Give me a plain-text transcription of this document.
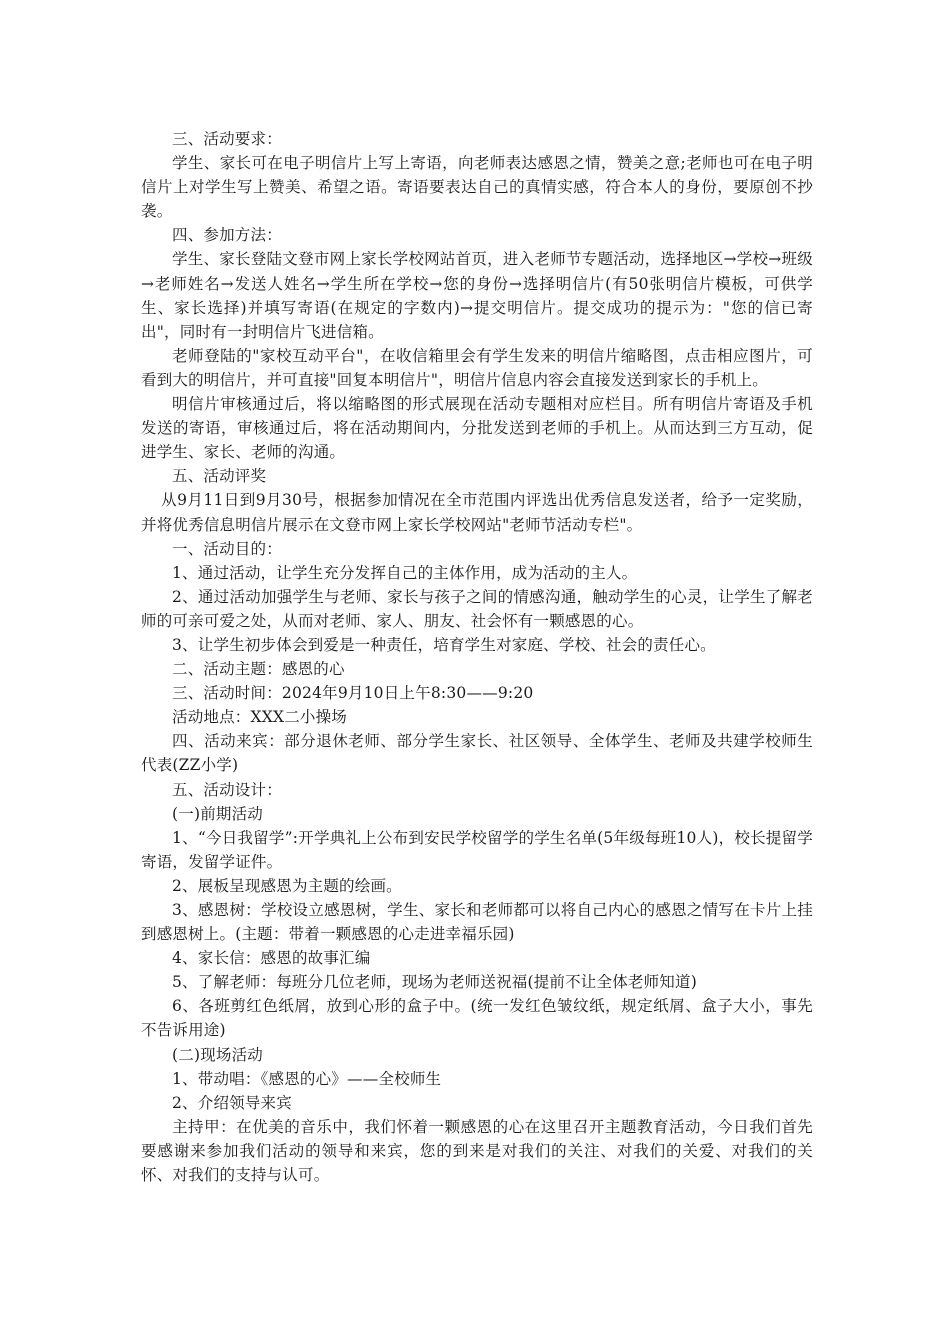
三、活动要求：

学生、家长可在电子明信片上写上寄语，向老师表达感恩之情，赞美之意;老师也可在电子明信片上对学生写上赞美、希望之语。寄语要表达自己的真情实感，符合本人的身份，要原创不抄袭。

四、参加方法：

学生、家长登陆文登市网上家长学校网站首页，进入老师节专题活动，选择地区→学校→班级→老师姓名→发送人姓名→学生所在学校→您的身份→选择明信片(有50张明信片模板，可供学生、家长选择)并填写寄语(在规定的字数内)→提交明信片。提交成功的提示为："您的信已寄出"，同时有一封明信片飞进信箱。

老师登陆的"家校互动平台"，在收信箱里会有学生发来的明信片缩略图，点击相应图片，可看到大的明信片，并可直接"回复本明信片"，明信片信息内容会直接发送到家长的手机上。

明信片审核通过后，将以缩略图的形式展现在活动专题相对应栏目。所有明信片寄语及手机发送的寄语，审核通过后，将在活动期间内，分批发送到老师的手机上。从而达到三方互动，促进学生、家长、老师的沟通。

五、活动评奖

从9月11日到9月30号，根据参加情况在全市范围内评选出优秀信息发送者，给予一定奖励，并将优秀信息明信片展示在文登市网上家长学校网站"老师节活动专栏"。

一、活动目的：

1、通过活动，让学生充分发挥自己的主体作用，成为活动的主人。

2、通过活动加强学生与老师、家长与孩子之间的情感沟通，触动学生的心灵，让学生了解老师的可亲可爱之处，从而对老师、家人、朋友、社会怀有一颗感恩的心。

3、让学生初步体会到爱是一种责任，培育学生对家庭、学校、社会的责任心。

二、活动主题：感恩的心

三、活动时间：2024年9月10日上午8:30——9:20

活动地点：XXX二小操场

四、活动来宾：部分退休老师、部分学生家长、社区领导、全体学生、老师及共建学校师生代表(ZZ小学)

五、活动设计：

(一)前期活动

1、“今日我留学”:开学典礼上公布到安民学校留学的学生名单(5年级每班10人)，校长提留学寄语，发留学证件。

2、展板呈现感恩为主题的绘画。

3、感恩树：学校设立感恩树，学生、家长和老师都可以将自己内心的感恩之情写在卡片上挂到感恩树上。(主题：带着一颗感恩的心走进幸福乐园)

4、家长信：感恩的故事汇编

5、了解老师：每班分几位老师，现场为老师送祝福(提前不让全体老师知道)

6、各班剪红色纸屑，放到心形的盒子中。(统一发红色皱纹纸，规定纸屑、盒子大小，事先不告诉用途)

(二)现场活动

1、带动唱：《感恩的心》——全校师生

2、介绍领导来宾

主持甲：在优美的音乐中，我们怀着一颗感恩的心在这里召开主题教育活动，今日我们首先要感谢来参加我们活动的领导和来宾，您的到来是对我们的关注、对我们的关爱、对我们的关怀、对我们的支持与认可。
